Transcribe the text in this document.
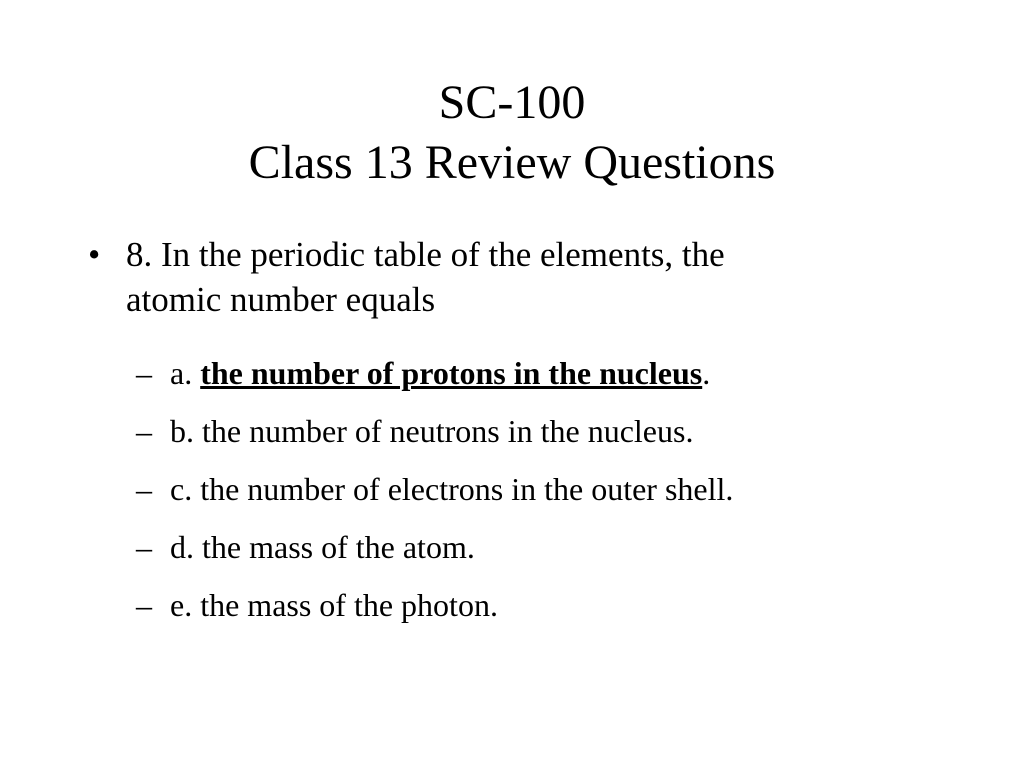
SC-100
Class 13 Review Questions
• 8. In the periodic table of the elements, the
atomic number equals
– a. the number of protons in the nucleus.
– b. the number of neutrons in the nucleus.
– c. the number of electrons in the outer shell.
– d. the mass of the atom.
– e. the mass of the photon.
